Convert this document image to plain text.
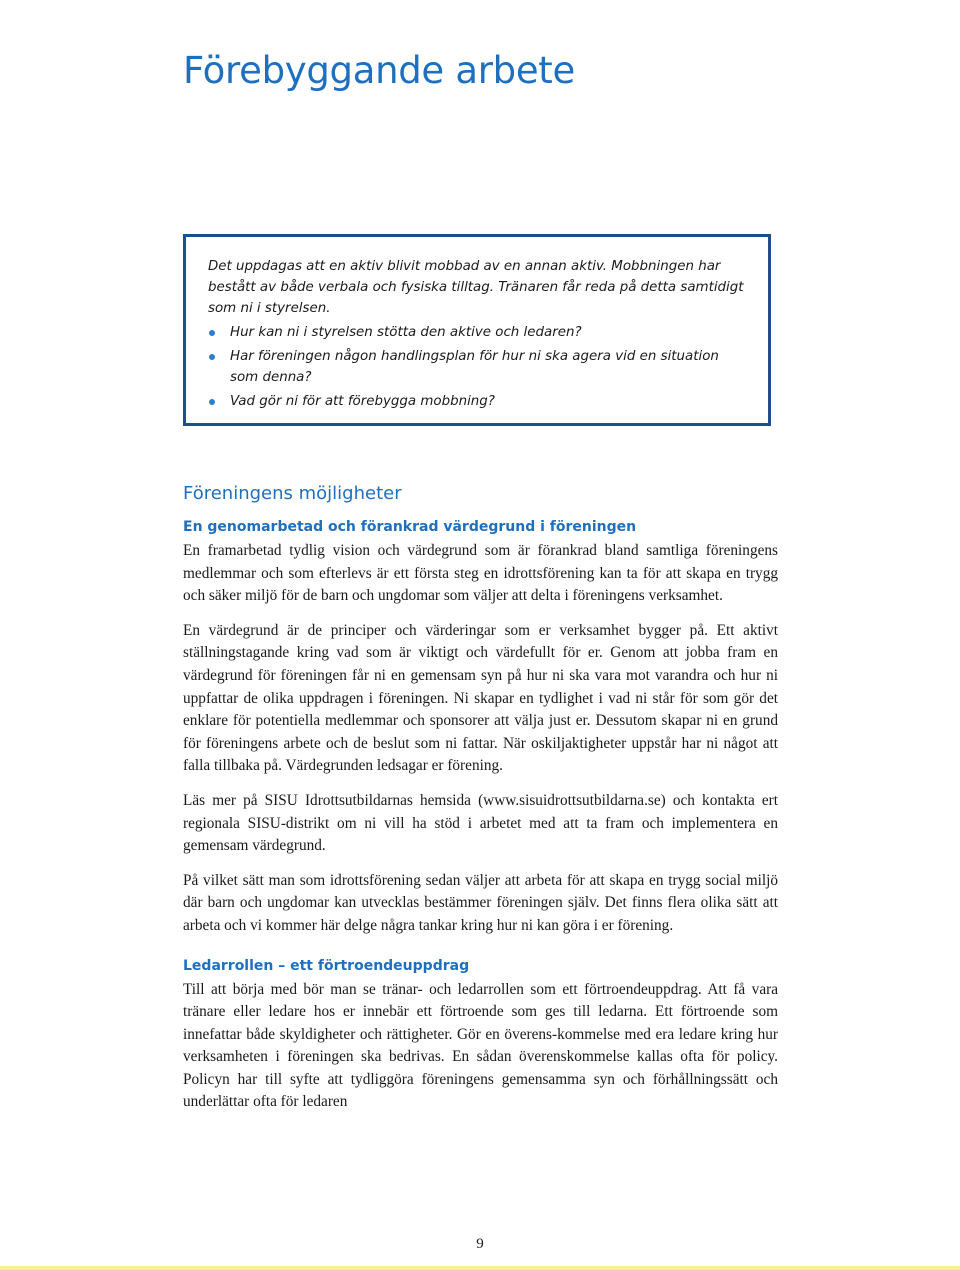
Förebyggande arbete

Det uppdagas att en aktiv blivit mobbad av en annan aktiv. Mobbningen har bestått av både verbala och fysiska tilltag. Tränaren får reda på detta samtidigt som ni i styrelsen.

Hur kan ni i styrelsen stötta den aktive och ledaren?
Har föreningen någon handlingsplan för hur ni ska agera vid en situation som denna?
Vad gör ni för att förebygga mobbning?
Föreningens möjligheter
En genomarbetad och förankrad värdegrund i föreningen

En framarbetad tydlig vision och värdegrund som är förankrad bland samtliga föreningens medlemmar och som efterlevs är ett första steg en idrottsförening kan ta för att skapa en trygg och säker miljö för de barn och ungdomar som väljer att delta i föreningens verksamhet.

En värdegrund är de principer och värderingar som er verksamhet bygger på. Ett aktivt ställningstagande kring vad som är viktigt och värdefullt för er. Genom att jobba fram en värdegrund för föreningen får ni en gemensam syn på hur ni ska vara mot varandra och hur ni uppfattar de olika uppdragen i föreningen. Ni skapar en tydlighet i vad ni står för som gör det enklare för potentiella medlemmar och sponsorer att välja just er. Dessutom skapar ni en grund för föreningens arbete och de beslut som ni fattar. När oskiljaktigheter uppstår har ni något att falla tillbaka på. Värdegrunden ledsagar er förening.

Läs mer på SISU Idrottsutbildarnas hemsida (www.sisuidrottsutbildarna.se) och kontakta ert regionala SISU-distrikt om ni vill ha stöd i arbetet med att ta fram och implementera en gemensam värdegrund.

På vilket sätt man som idrottsförening sedan väljer att arbeta för att skapa en trygg social miljö där barn och ungdomar kan utvecklas bestämmer föreningen själv. Det finns flera olika sätt att arbeta och vi kommer här delge några tankar kring hur ni kan göra i er förening.

Ledarrollen – ett förtroendeuppdrag

Till att börja med bör man se tränar- och ledarrollen som ett förtroendeuppdrag. Att få vara tränare eller ledare hos er innebär ett förtroende som ges till ledarna. Ett förtroende som innefattar både skyldigheter och rättigheter. Gör en överens-kommelse med era ledare kring hur verksamheten i föreningen ska bedrivas. En sådan överenskommelse kallas ofta för policy. Policyn har till syfte att tydliggöra föreningens gemensamma syn och förhållningssätt och underlättar ofta för ledaren

9
